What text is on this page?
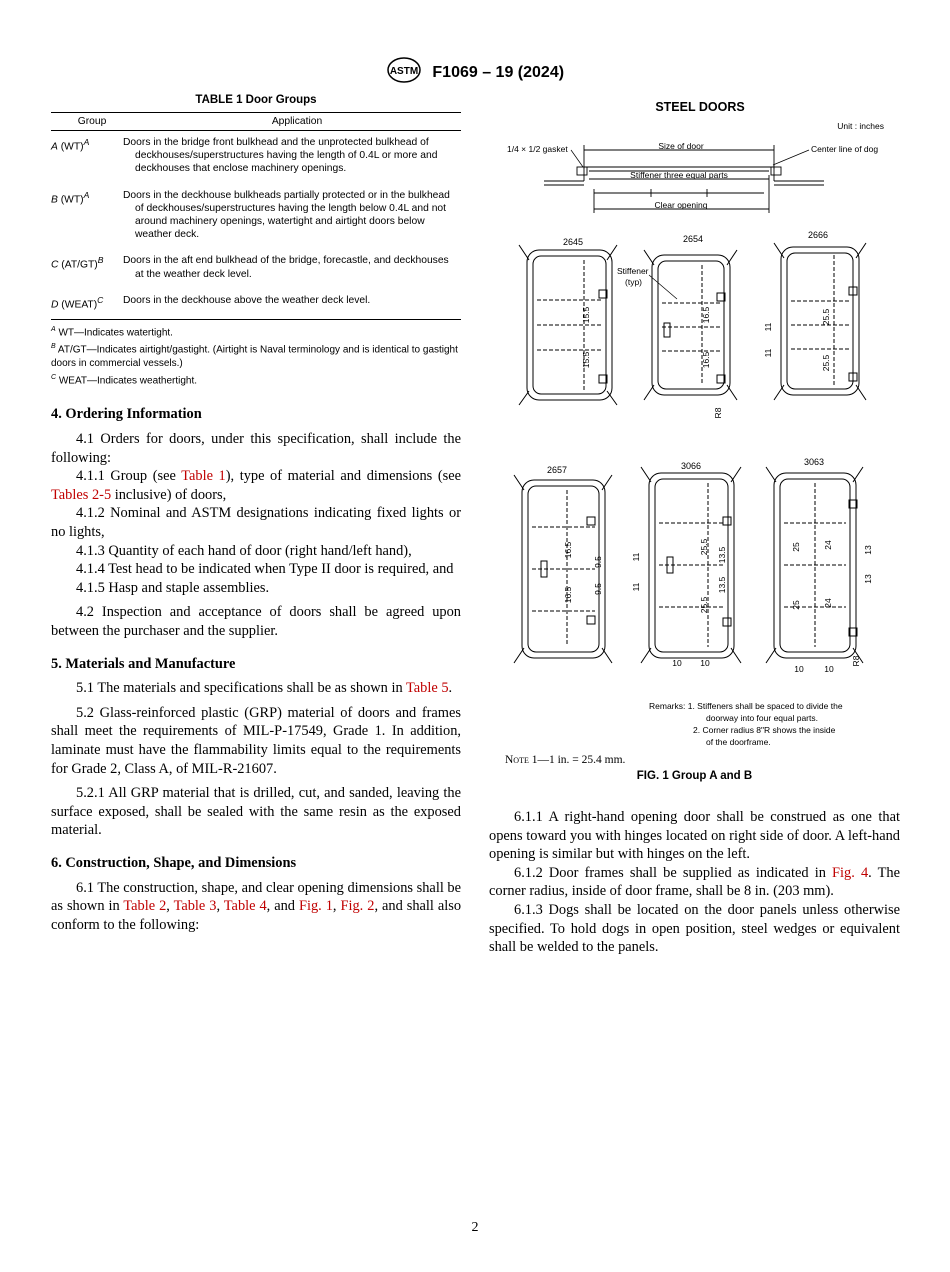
ASTM F1069 – 19 (2024)
TABLE 1 Door Groups
Group	Application
A (WT)$^A$	Doors in the bridge front bulkhead and the unprotected bulkhead of deckhouses/superstructures having the length of 0.4L or more and deckhouses that enclose machinery openings.
B (WT)$^A$	Doors in the deckhouse bulkheads partially protected or in the bulkhead of deckhouses/superstructures having the length below 0.4L and not around machinery openings, watertight and airtight doors below weather deck.
C $(AT/GT)^B$	Doors in the aft end bulkhead of the bridge, forecastle, and deckhouses at the weather deck level.
D (WEAT)$^C$	Doors in the deckhouse above the weather deck level.
$^A$ WT—Indicates watertight.
$^B$ AT/GT—Indicates airtight/gastight. (Airtight is Naval terminology and is identical to gastight doors in commercial vessels.)
$^C$ WEAT—Indicates weathertight.
4. Ordering Information

4.1 Orders for doors, under this specification, shall include the following:

4.1.1 Group (see Table 1), type of material and dimensions (see Tables 2-5 inclusive) of doors,

4.1.2 Nominal and ASTM designations indicating fixed lights or no lights,

4.1.3 Quantity of each hand of door (right hand/left hand),

4.1.4 Test head to be indicated when Type II door is required, and

4.1.5 Hasp and staple assemblies.

4.2 Inspection and acceptance of doors shall be agreed upon between the purchaser and the supplier.

5. Materials and Manufacture

5.1 The materials and specifications shall be as shown in Table 5.

5.2 Glass-reinforced plastic (GRP) material of doors and frames shall meet the requirements of MIL-P-17549, Grade 1. In addition, laminate must have the flammability limits equal to the requirements for Grade 2, Class A, of MIL-R-21607.

5.2.1 All GRP material that is drilled, cut, and sanded, leaving the surface exposed, shall be sealed with the same resin as the exposed material.

6. Construction, Shape, and Dimensions

6.1 The construction, shape, and clear opening dimensions shall be as shown in Table 2, Table 3, Table 4, and Fig. 1, Fig. 2, and shall also conform to the following:

STEEL DOORS
Unit : inches
1/4 × 1/2 gasket	Size of door	Center line of dog
Stiffener three equal parts
Clear opening
2645
15.5
15.5
2654
16.5
16.5
Stiffener
(typ)
2666
25.5
25.5
11
11
R8
2657
16.5
16.5
9.5
9.5
3066
25.5
25.5
13.5
13.5
11
11
10 10
3063
25
25
24
24
13
13
10 10
R8
Remarks: 1. Stiffeners shall be spaced to divide the
doorway into four equal parts.
2. Corner radius 8"R shows the inside
of the doorframe.
Note 1—1 in. = 25.4 mm.
FIG. 1 Group A and B

6.1.1 A right-hand opening door shall be construed as one that opens toward you with hinges located on right side of door. A left-hand opening is similar but with hinges on the left.

6.1.2 Door frames shall be supplied as indicated in Fig. 4. The corner radius, inside of door frame, shall be 8 in. (203 mm).

6.1.3 Dogs shall be located on the door panels unless otherwise specified. To hold dogs in open position, steel wedges or equivalent shall be welded to the panels.

2
